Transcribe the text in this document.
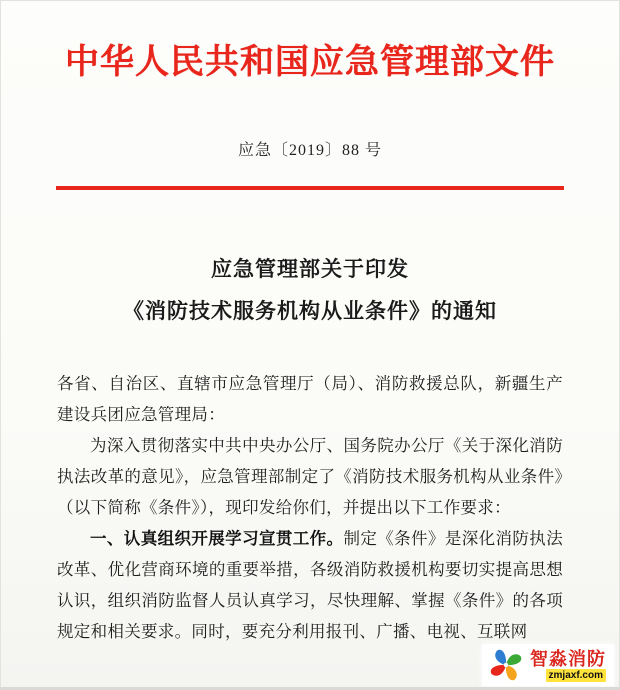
中华人民共和国应急管理部文件
应急〔2019〕88 号
应急管理部关于印发
《消防技术服务机构从业条件》的通知

各省、自治区、直辖市应急管理厅（局）、消防救援总队，新疆生产建设兵团应急管理局：

为深入贯彻落实中共中央办公厅、国务院办公厅《关于深化消防执法改革的意见》，应急管理部制定了《消防技术服务机构从业条件》（以下简称《条件》），现印发给你们，并提出以下工作要求：

一、认真组织开展学习宣贯工作。制定《条件》是深化消防执法改革、优化营商环境的重要举措，各级消防救援机构要切实提高思想认识，组织消防监督人员认真学习，尽快理解、掌握《条件》的各项规定和相关要求。同时，要充分利用报刊、广播、电视、互联网

智淼消防
zmjaxf.com
